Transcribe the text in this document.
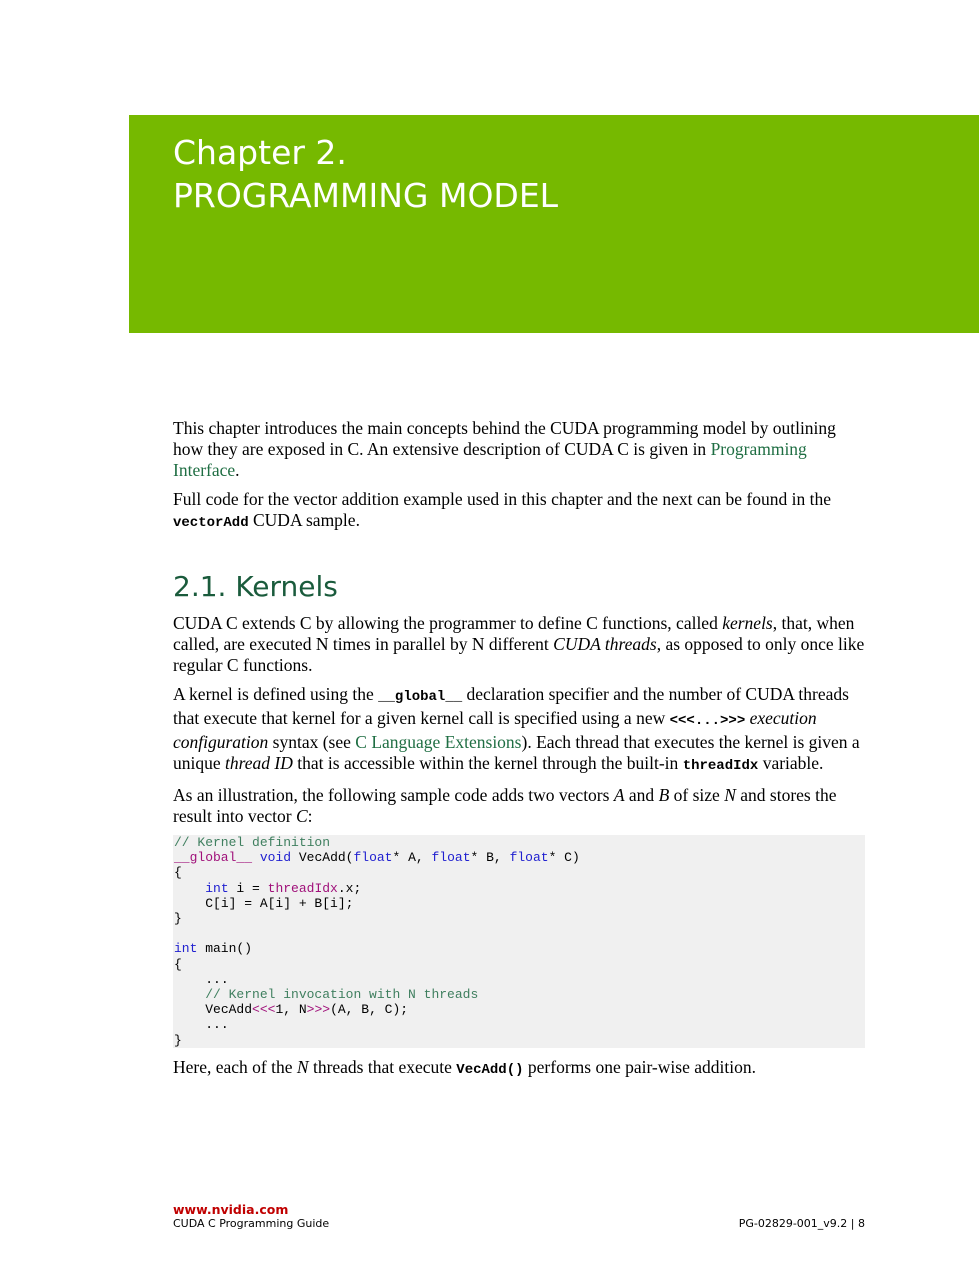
Chapter 2.
PROGRAMMING MODEL

This chapter introduces the main concepts behind the CUDA programming model by outlining how they are exposed in C. An extensive description of CUDA C is given in Programming Interface.

Full code for the vector addition example used in this chapter and the next can be found in the vectorAdd CUDA sample.

2.1. Kernels

CUDA C extends C by allowing the programmer to define C functions, called kernels, that, when called, are executed N times in parallel by N different CUDA threads, as opposed to only once like regular C functions.

A kernel is defined using the __global__ declaration specifier and the number of CUDA threads that execute that kernel for a given kernel call is specified using a new <<<...>>> execution configuration syntax (see C Language Extensions). Each thread that executes the kernel is given a unique thread ID that is accessible within the kernel through the built-in threadIdx variable.

As an illustration, the following sample code adds two vectors A and B of size N and stores the result into vector C:

// Kernel definition
__global__ void VecAdd(float* A, float* B, float* C)
{
int i = threadIdx.x;
C[i] = A[i] + B[i];
}

int main()
{
...
// Kernel invocation with N threads
VecAdd<<<1, N>>>(A, B, C);
...
}

Here, each of the N threads that execute VecAdd() performs one pair-wise addition.

www.nvidia.com
CUDA C Programming Guide	PG-02829-001_v9.2 | 8
